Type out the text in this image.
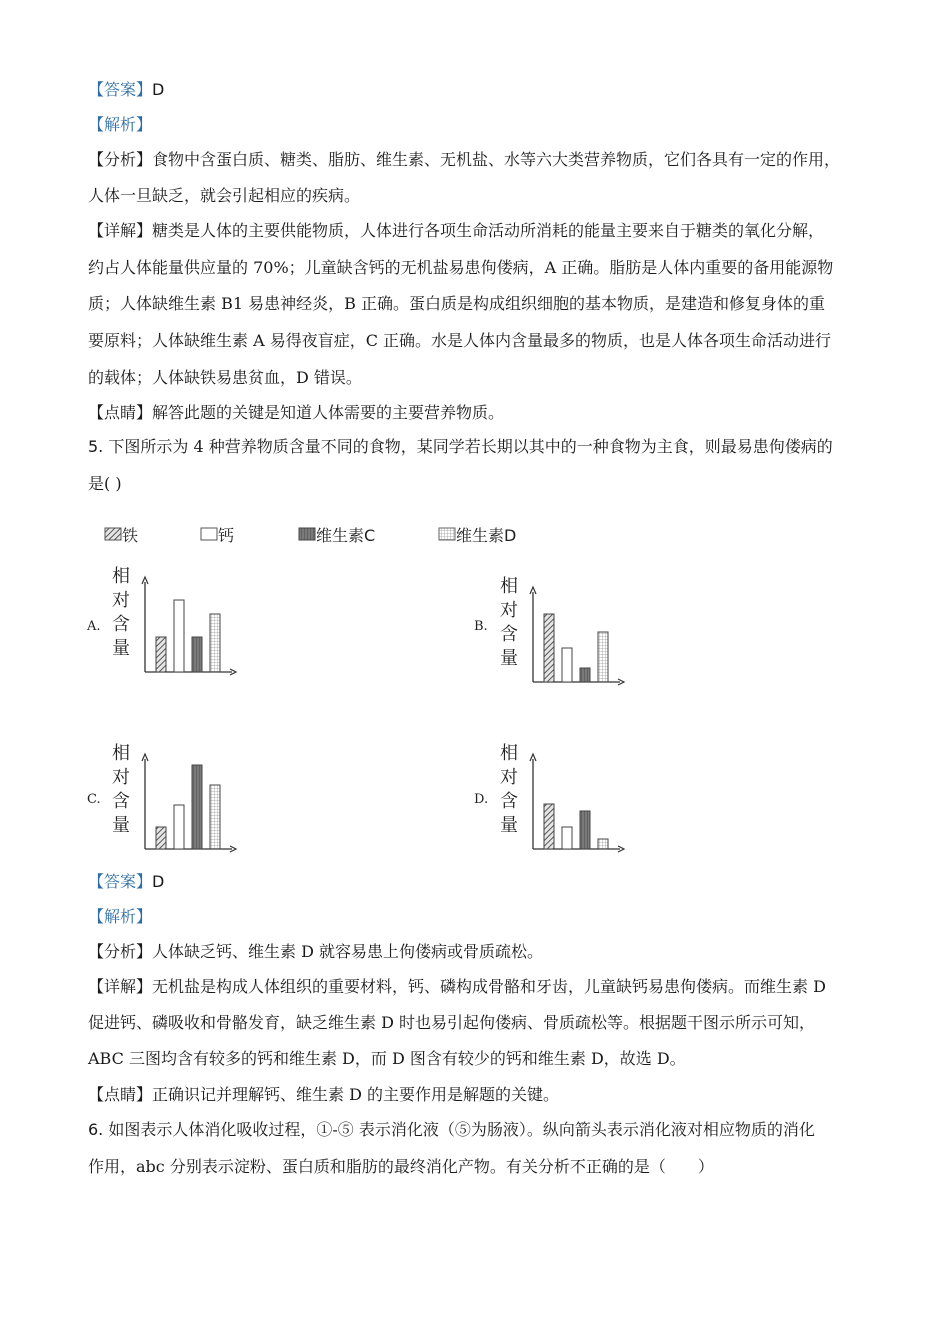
【答案】D
【解析】
【分析】食物中含蛋白质、糖类、脂肪、维生素、无机盐、水等六大类营养物质，它们各具有一定的作用，
人体一旦缺乏，就会引起相应的疾病。
【详解】糖类是人体的主要供能物质，人体进行各项生命活动所消耗的能量主要来自于糖类的氧化分解，
约占人体能量供应量的 70%；儿童缺含钙的无机盐易患佝偻病，A 正确。脂肪是人体内重要的备用能源物
质；人体缺维生素 B1 易患神经炎，B 正确。蛋白质是构成组织细胞的基本物质，是建造和修复身体的重
要原料；人体缺维生素 A 易得夜盲症，C 正确。水是人体内含量最多的物质，也是人体各项生命活动进行
的载体；人体缺铁易患贫血，D 错误。
【点睛】解答此题的关键是知道人体需要的主要营养物质。
5. 下图所示为 4 种营养物质含量不同的食物，某同学若长期以其中的一种食物为主食，则最易患佝偻病的
是( )
铁	钙	维生素C	维生素D
A.	B.
C.	D.
相
对
含
量
相
对
含
量
相
对
含
量
相
对
含
量
【答案】D
【解析】
【分析】人体缺乏钙、维生素 D 就容易患上佝偻病或骨质疏松。
【详解】无机盐是构成人体组织的重要材料，钙、磷构成骨骼和牙齿，儿童缺钙易患佝偻病。而维生素 D
促进钙、磷吸收和骨骼发育，缺乏维生素 D 时也易引起佝偻病、骨质疏松等。根据题干图示所示可知，
ABC 三图均含有较多的钙和维生素 D，而 D 图含有较少的钙和维生素 D，故选 D。
【点睛】正确识记并理解钙、维生素 D 的主要作用是解题的关键。
6. 如图表示人体消化吸收过程，①-⑤ 表示消化液（⑤为肠液）。纵向箭头表示消化液对相应物质的消化
作用，abc 分别表示淀粉、蛋白质和脂肪的最终消化产物。有关分析不正确的是（　　）
